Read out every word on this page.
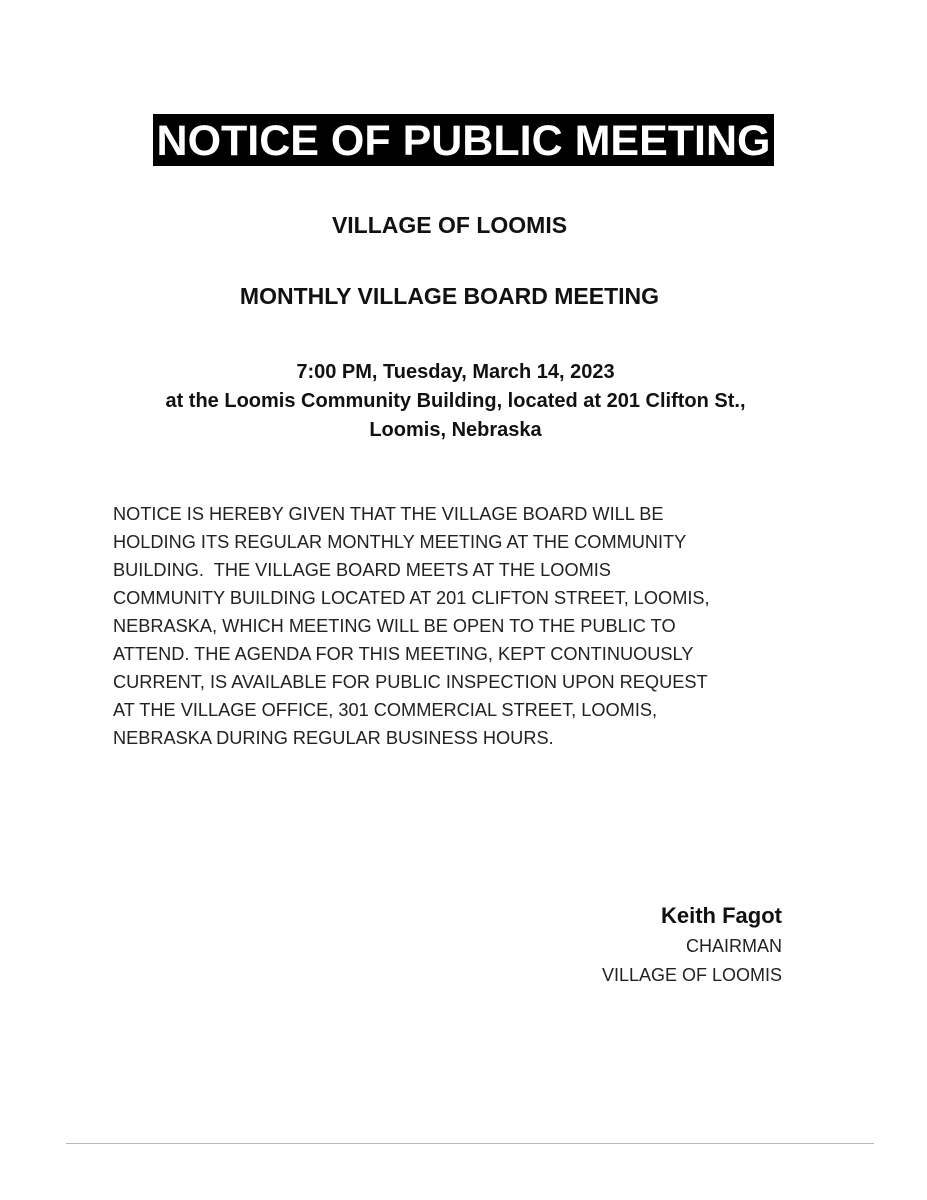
NOTICE OF PUBLIC MEETING
VILLAGE OF LOOMIS
MONTHLY VILLAGE BOARD MEETING
7:00 PM, Tuesday, March 14, 2023
at the Loomis Community Building, located at 201 Clifton St.,
Loomis, Nebraska
NOTICE IS HEREBY GIVEN THAT THE VILLAGE BOARD WILL BE
HOLDING ITS REGULAR MONTHLY MEETING AT THE COMMUNITY
BUILDING.  THE VILLAGE BOARD MEETS AT THE LOOMIS
COMMUNITY BUILDING LOCATED AT 201 CLIFTON STREET, LOOMIS,
NEBRASKA, WHICH MEETING WILL BE OPEN TO THE PUBLIC TO
ATTEND. THE AGENDA FOR THIS MEETING, KEPT CONTINUOUSLY
CURRENT, IS AVAILABLE FOR PUBLIC INSPECTION UPON REQUEST
AT THE VILLAGE OFFICE, 301 COMMERCIAL STREET, LOOMIS,
NEBRASKA DURING REGULAR BUSINESS HOURS.
Keith Fagot
CHAIRMAN
VILLAGE OF LOOMIS
